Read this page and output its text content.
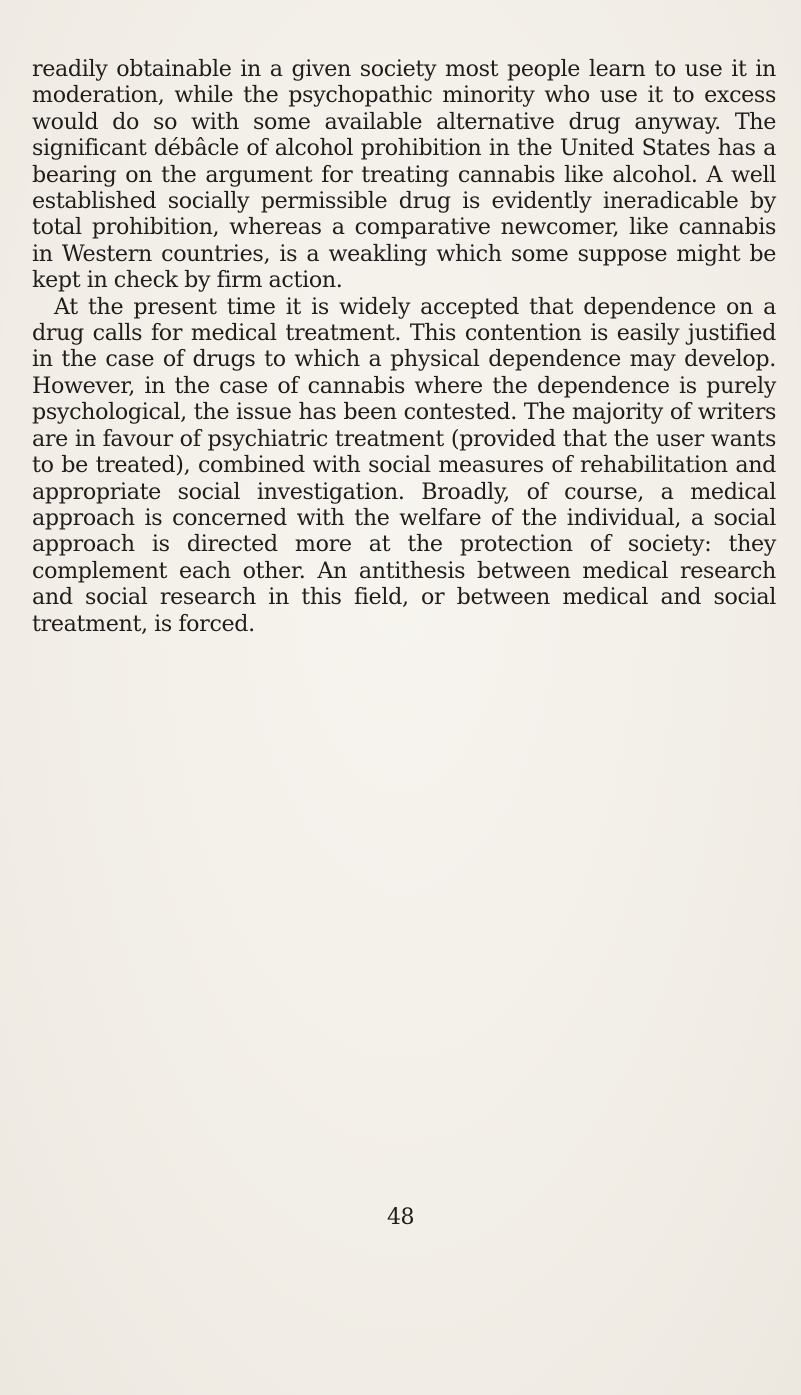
readily obtainable in a given society most people learn to use it in moderation, while the psychopathic minority who use it to excess would do so with some available alternative drug anyway. The significant débâcle of alcohol prohibition in the United States has a bearing on the argument for treating cannabis like alcohol. A well established socially permissible drug is evidently ineradicable by total prohibition, whereas a comparative newcomer, like cannabis in Western countries, is a weakling which some suppose might be kept in check by firm action.

At the present time it is widely accepted that dependence on a drug calls for medical treatment. This contention is easily justified in the case of drugs to which a physical dependence may develop. However, in the case of cannabis where the dependence is purely psychological, the issue has been contested. The majority of writers are in favour of psychiatric treatment (provided that the user wants to be treated), combined with social measures of rehabilitation and appropriate social investigation. Broadly, of course, a medical approach is concerned with the welfare of the individual, a social approach is directed more at the protection of society: they complement each other. An antithesis between medical research and social research in this field, or between medical and social treatment, is forced.

48
